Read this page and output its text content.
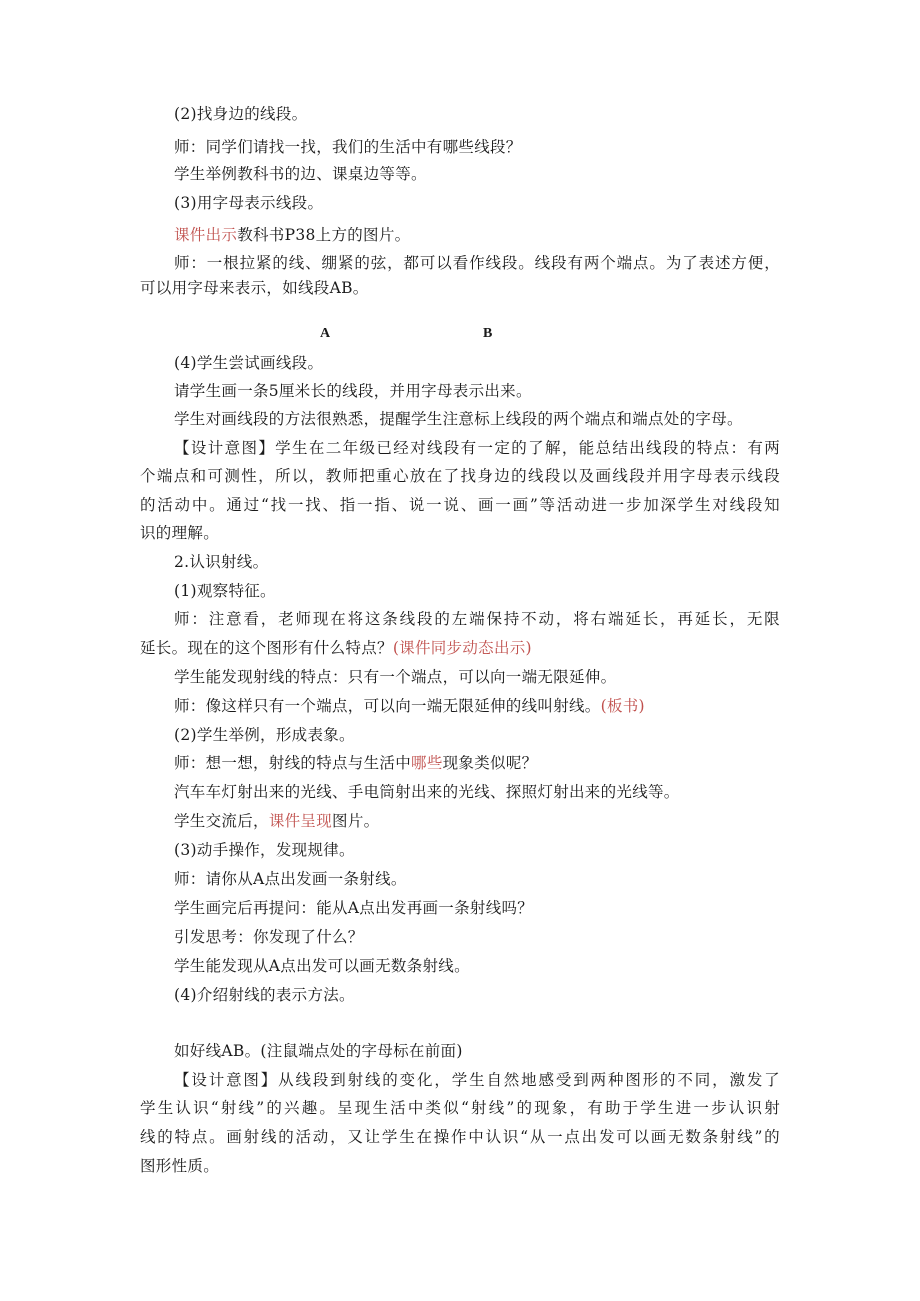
(2)找身边的线段。

师：同学们请找一找，我们的生活中有哪些线段？

学生举例教科书的边、课桌边等等。

(3)用字母表示线段。

课件出示教科书P38上方的图片。

师：一根拉紧的线、绷紧的弦，都可以看作线段。线段有两个端点。为了表述方便，

可以用字母来表示，如线段AB。

A	B

(4)学生尝试画线段。

请学生画一条5厘米长的线段，并用字母表示出来。

学生对画线段的方法很熟悉，提醒学生注意标上线段的两个端点和端点处的字母。

【设计意图】学生在二年级已经对线段有一定的了解，能总结出线段的特点：有两

个端点和可测性，所以，教师把重心放在了找身边的线段以及画线段并用字母表示线段

的活动中。通过“找一找、指一指、说一说、画一画”等活动进一步加深学生对线段知

识的理解。

2.认识射线。

(1)观察特征。

师：注意看，老师现在将这条线段的左端保持不动，将右端延长，再延长，无限

延长。现在的这个图形有什么特点？(课件同步动态出示)

学生能发现射线的特点：只有一个端点，可以向一端无限延伸。

师：像这样只有一个端点，可以向一端无限延伸的线叫射线。(板书)

(2)学生举例，形成表象。

师：想一想，射线的特点与生活中哪些现象类似呢？

汽车车灯射出来的光线、手电筒射出来的光线、探照灯射出来的光线等。

学生交流后，课件呈现图片。

(3)动手操作，发现规律。

师：请你从A点出发画一条射线。

学生画完后再提问：能从A点出发再画一条射线吗？

引发思考：你发现了什么？

学生能发现从A点出发可以画无数条射线。

(4)介绍射线的表示方法。

如好线AB。(注鼠端点处的字母标在前面)

【设计意图】从线段到射线的变化，学生自然地感受到两种图形的不同，激发了

学生认识“射线”的兴趣。呈现生活中类似“射线”的现象，有助于学生进一步认识射

线的特点。画射线的活动，又让学生在操作中认识“从一点出发可以画无数条射线”的

图形性质。
